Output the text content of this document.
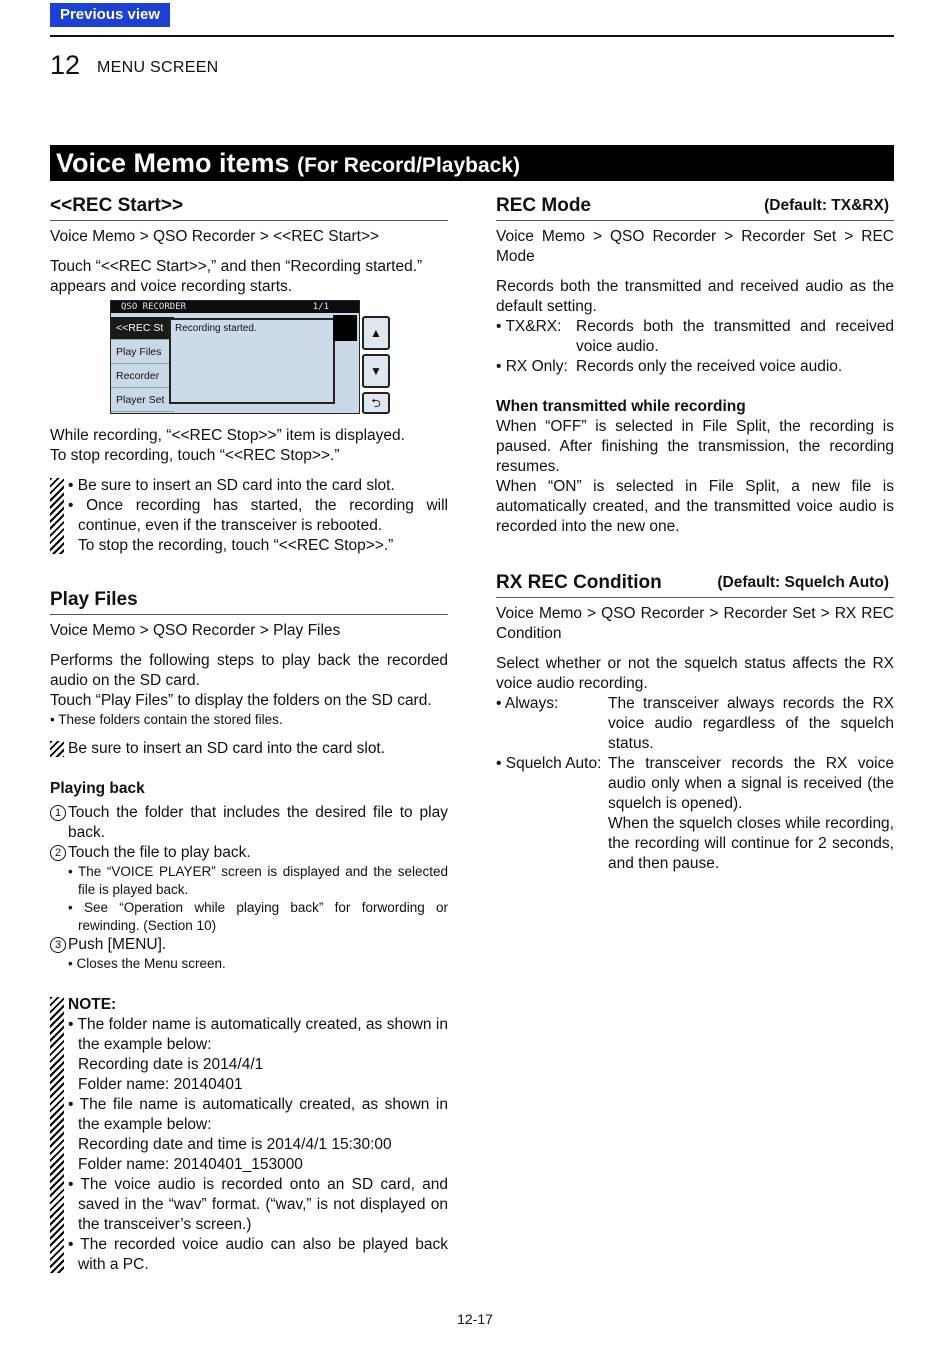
Previous view
12 MENU SCREEN
Voice Memo items (For Record/Playback)
<<REC Start>>

Voice Memo > QSO Recorder > <<REC Start>>

Touch “<<REC Start>>,” and then “Recording started.” appears and voice recording starts.

QSO RECORDER	1/1
<<REC St
Play Files
Recorder
Player Set
Recording started.	▲
▼
⮌

While recording, “<<REC Stop>>” item is displayed.

To stop recording, touch “<<REC Stop>>.”

• Be sure to insert an SD card into the card slot.

• Once recording has started, the recording will continue, even if the transceiver is rebooted.

To stop the recording, touch “<<REC Stop>>.”

Play Files

Voice Memo > QSO Recorder > Play Files

Performs the following steps to play back the recorded audio on the SD card.

Touch “Play Files” to display the folders on the SD card.

• These folders contain the stored files.

Be sure to insert an SD card into the card slot.

Playing back
1 Touch the folder that includes the desired file to play back.

2 Touch the file to play back.

• The “VOICE PLAYER” screen is displayed and the selected file is played back.

• See “Operation while playing back” for forwording or rewinding. (Section 10)

3 Push [MENU].

• Closes the Menu screen.

NOTE:

• The folder name is automatically created, as shown in the example below:

Recording date is 2014/4/1

Folder name: 20140401

• The file name is automatically created, as shown in the example below:

Recording date and time is 2014/4/1 15:30:00

Folder name: 20140401_153000

• The voice audio is recorded onto an SD card, and saved in the “wav” format. (“wav,” is not displayed on the transceiver’s screen.)

• The recorded voice audio can also be played back with a PC.

REC Mode	(Default: TX&RX)

Voice Memo > QSO Recorder > Recorder Set > REC Mode

Records both the transmitted and received audio as the default setting.

• TX&RX: Records both the transmitted and received voice audio.
• RX Only: Records only the received voice audio.
When transmitted while recording

When “OFF” is selected in File Split, the recording is paused. After finishing the transmission, the recording resumes.

When “ON” is selected in File Split, a new file is automatically created, and the transmitted voice audio is recorded into the new one.

RX REC Condition	(Default: Squelch Auto)

Voice Memo > QSO Recorder > Recorder Set > RX REC Condition

Select whether or not the squelch status affects the RX voice audio recording.

• Always:	The transceiver always records the RX voice audio regardless of the squelch status.
• Squelch Auto: The transceiver records the RX voice audio only when a signal is received (the squelch is opened).

When the squelch closes while recording, the recording will continue for 2 seconds, and then pause.

12-17
